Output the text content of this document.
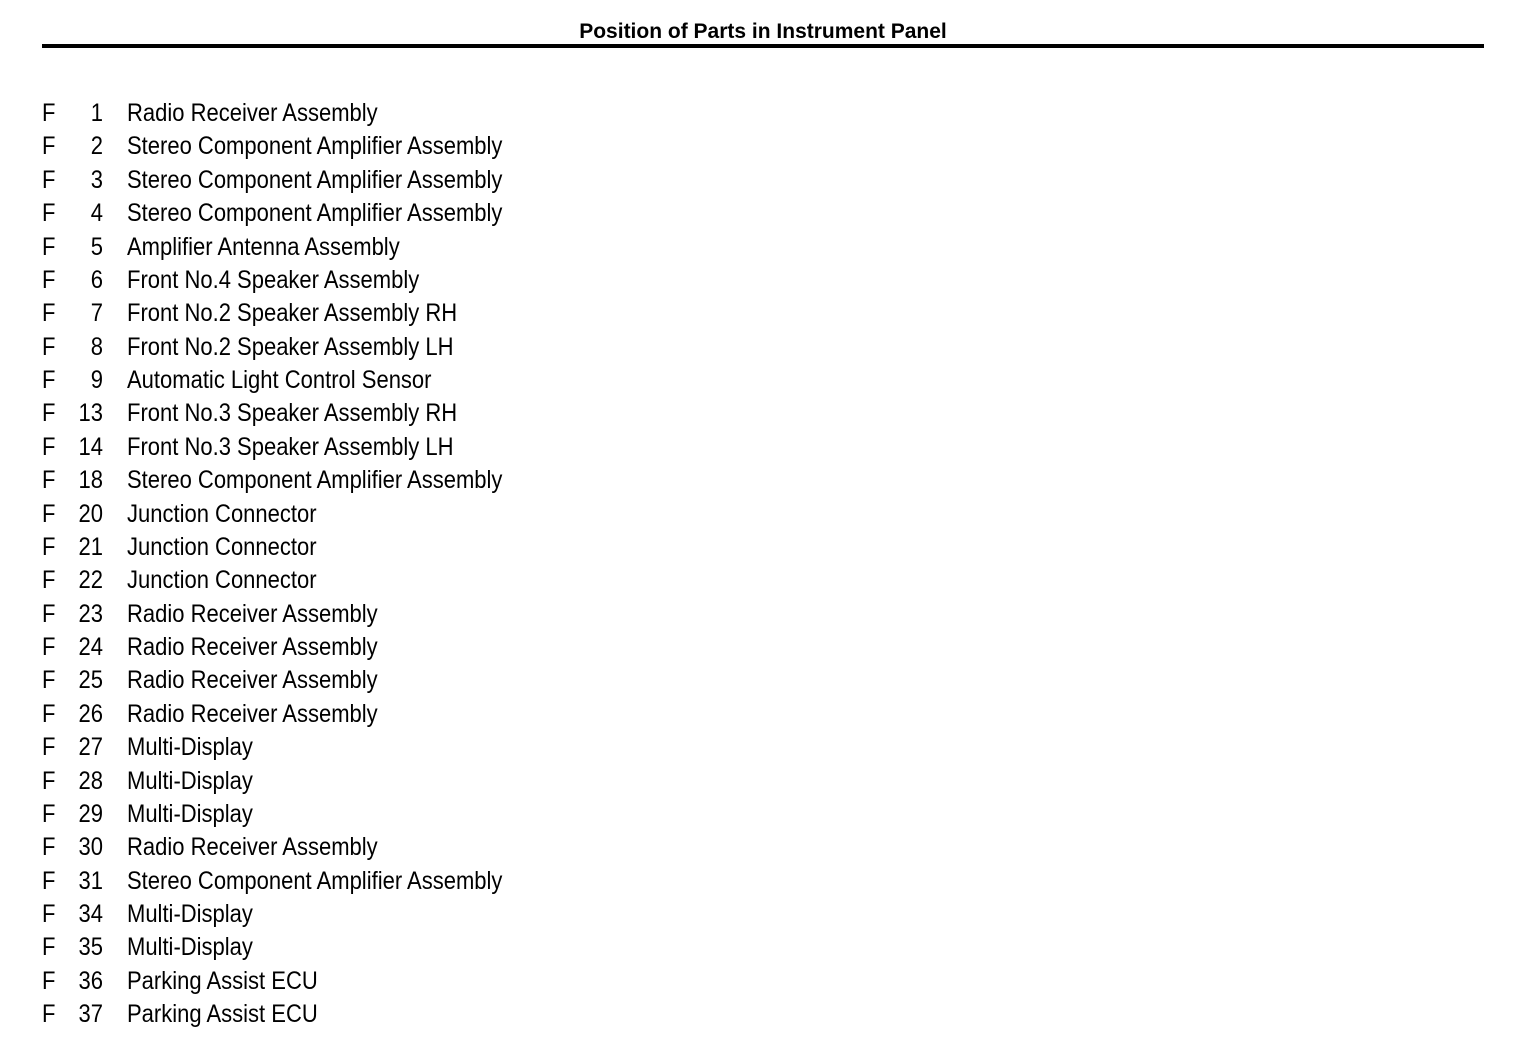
Position of Parts in Instrument Panel
F	1 Radio Receiver Assembly
F	2 Stereo Component Amplifier Assembly
F	3 Stereo Component Amplifier Assembly
F	4 Stereo Component Amplifier Assembly
F	5 Amplifier Antenna Assembly
F	6 Front No.4 Speaker Assembly
F	7 Front No.2 Speaker Assembly RH
F	8 Front No.2 Speaker Assembly LH
F	9 Automatic Light Control Sensor
F 13 Front No.3 Speaker Assembly RH
F 14 Front No.3 Speaker Assembly LH
F 18 Stereo Component Amplifier Assembly
F 20 Junction Connector
F 21 Junction Connector
F 22 Junction Connector
F 23 Radio Receiver Assembly
F 24 Radio Receiver Assembly
F 25 Radio Receiver Assembly
F 26 Radio Receiver Assembly
F 27 Multi-Display
F 28 Multi-Display
F 29 Multi-Display
F 30 Radio Receiver Assembly
F 31 Stereo Component Amplifier Assembly
F 34 Multi-Display
F 35 Multi-Display
F 36 Parking Assist ECU
F 37 Parking Assist ECU
